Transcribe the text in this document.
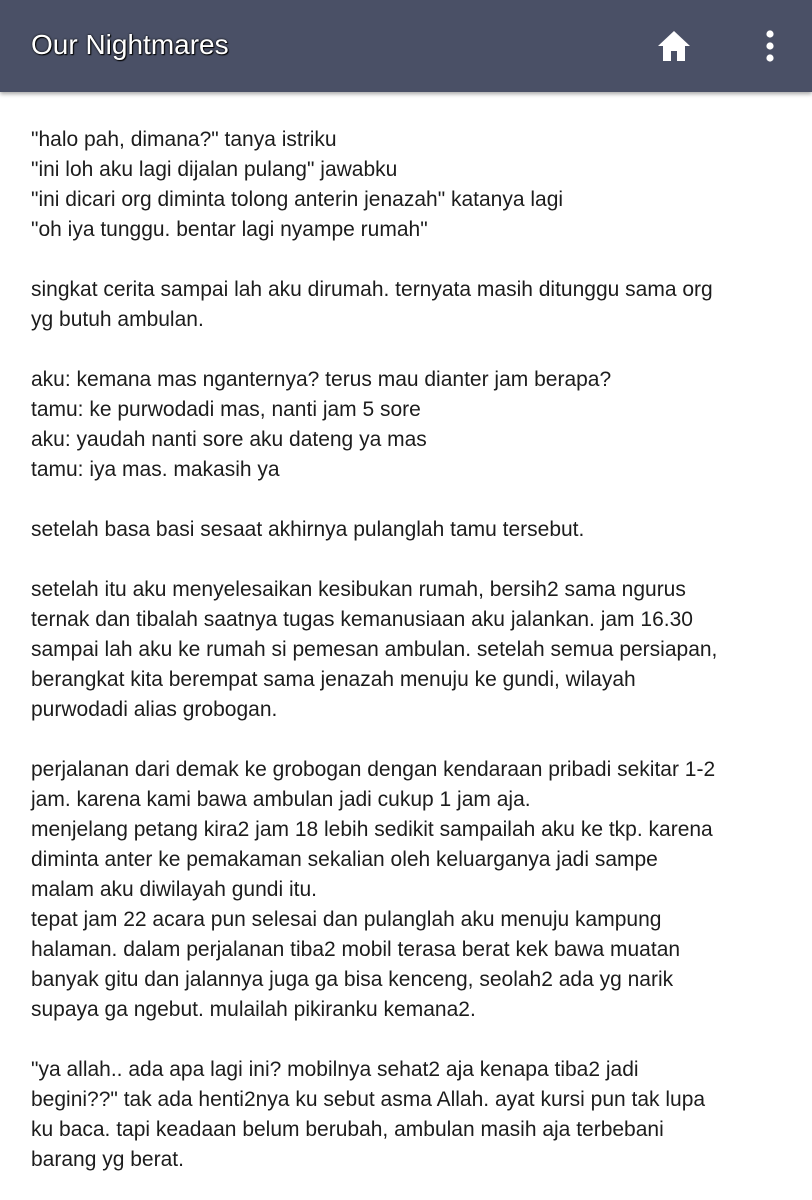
Our Nightmares
"halo pah, dimana?" tanya istriku
"ini loh aku lagi dijalan pulang" jawabku
"ini dicari org diminta tolong anterin jenazah" katanya lagi
"oh iya tunggu. bentar lagi nyampe rumah"
singkat cerita sampai lah aku dirumah. ternyata masih ditunggu sama org
yg butuh ambulan.
aku: kemana mas nganternya? terus mau dianter jam berapa?
tamu: ke purwodadi mas, nanti jam 5 sore
aku: yaudah nanti sore aku dateng ya mas
tamu: iya mas. makasih ya
setelah basa basi sesaat akhirnya pulanglah tamu tersebut.
setelah itu aku menyelesaikan kesibukan rumah, bersih2 sama ngurus
ternak dan tibalah saatnya tugas kemanusiaan aku jalankan. jam 16.30
sampai lah aku ke rumah si pemesan ambulan. setelah semua persiapan,
berangkat kita berempat sama jenazah menuju ke gundi, wilayah
purwodadi alias grobogan.
perjalanan dari demak ke grobogan dengan kendaraan pribadi sekitar 1-2
jam. karena kami bawa ambulan jadi cukup 1 jam aja.
menjelang petang kira2 jam 18 lebih sedikit sampailah aku ke tkp. karena
diminta anter ke pemakaman sekalian oleh keluarganya jadi sampe
malam aku diwilayah gundi itu.
tepat jam 22 acara pun selesai dan pulanglah aku menuju kampung
halaman. dalam perjalanan tiba2 mobil terasa berat kek bawa muatan
banyak gitu dan jalannya juga ga bisa kenceng, seolah2 ada yg narik
supaya ga ngebut. mulailah pikiranku kemana2.
"ya allah.. ada apa lagi ini? mobilnya sehat2 aja kenapa tiba2 jadi
begini??" tak ada henti2nya ku sebut asma Allah. ayat kursi pun tak lupa
ku baca. tapi keadaan belum berubah, ambulan masih aja terbebani
barang yg berat.
